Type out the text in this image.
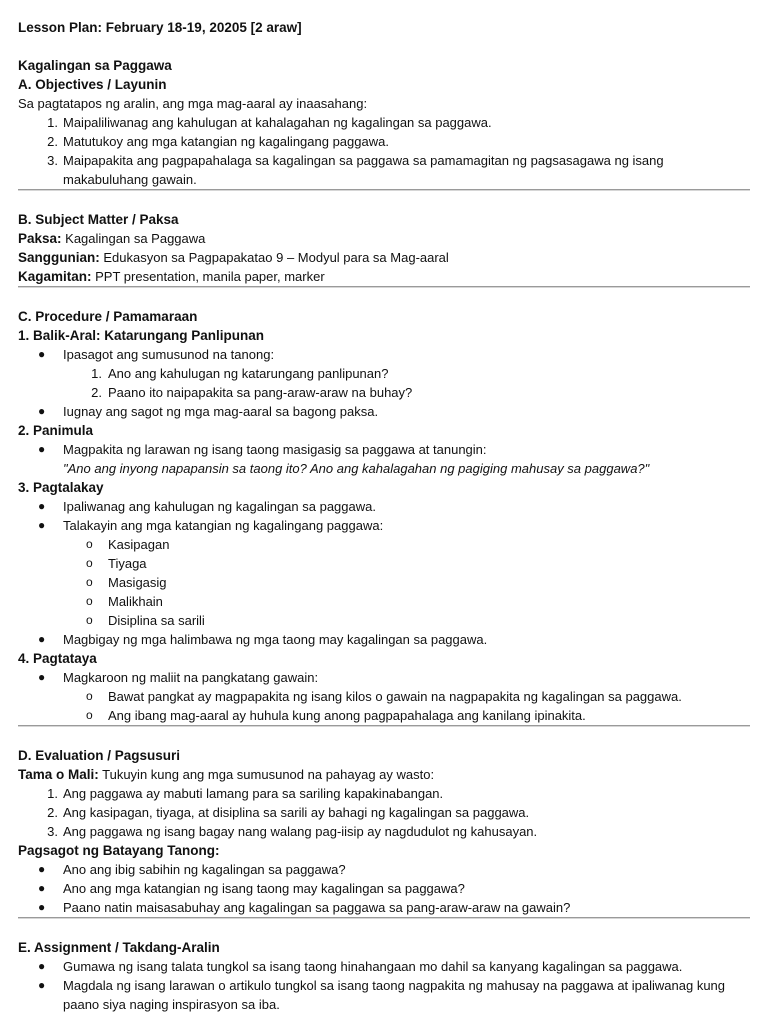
Lesson Plan: February 18-19, 20205 [2 araw]
Kagalingan sa Paggawa
A. Objectives / Layunin
Sa pagtatapos ng aralin, ang mga mag-aaral ay inaasahang:
1. Maipaliliwanag ang kahulugan at kahalagahan ng kagalingan sa paggawa.
2. Matutukoy ang mga katangian ng kagalingang paggawa.
3. Maipapakita ang pagpapahalaga sa kagalingan sa paggawa sa pamamagitan ng pagsasagawa ng isang makabuluhang gawain.
B. Subject Matter / Paksa
Paksa: Kagalingan sa Paggawa
Sanggunian: Edukasyon sa Pagpapakatao 9 – Modyul para sa Mag-aaral
Kagamitan: PPT presentation, manila paper, marker
C. Procedure / Pamamaraan
1. Balik-Aral: Katarungang Panlipunan
● Ipasagot ang sumusunod na tanong:
1. Ano ang kahulugan ng katarungang panlipunan?
2. Paano ito naipapakita sa pang-araw-araw na buhay?
● Iugnay ang sagot ng mga mag-aaral sa bagong paksa.
2. Panimula
● Magpakita ng larawan ng isang taong masigasig sa paggawa at tanungin:
"Ano ang inyong napapansin sa taong ito? Ano ang kahalagahan ng pagiging mahusay sa paggawa?"
3. Pagtalakay
● Ipaliwanag ang kahulugan ng kagalingan sa paggawa.
● Talakayin ang mga katangian ng kagalingang paggawa:
o Kasipagan
o Tiyaga
o Masigasig
o Malikhain
o Disiplina sa sarili
● Magbigay ng mga halimbawa ng mga taong may kagalingan sa paggawa.
4. Pagtataya
● Magkaroon ng maliit na pangkatang gawain:
o Bawat pangkat ay magpapakita ng isang kilos o gawain na nagpapakita ng kagalingan sa paggawa.
o Ang ibang mag-aaral ay huhula kung anong pagpapahalaga ang kanilang ipinakita.
D. Evaluation / Pagsusuri
Tama o Mali: Tukuyin kung ang mga sumusunod na pahayag ay wasto:
1. Ang paggawa ay mabuti lamang para sa sariling kapakinabangan.
2. Ang kasipagan, tiyaga, at disiplina sa sarili ay bahagi ng kagalingan sa paggawa.
3. Ang paggawa ng isang bagay nang walang pag-iisip ay nagdudulot ng kahusayan.
Pagsagot ng Batayang Tanong:
● Ano ang ibig sabihin ng kagalingan sa paggawa?
● Ano ang mga katangian ng isang taong may kagalingan sa paggawa?
● Paano natin maisasabuhay ang kagalingan sa paggawa sa pang-araw-araw na gawain?
E. Assignment / Takdang-Aralin
● Gumawa ng isang talata tungkol sa isang taong hinahangaan mo dahil sa kanyang kagalingan sa paggawa.
● Magdala ng isang larawan o artikulo tungkol sa isang taong nagpakita ng mahusay na paggawa at ipaliwanag kung paano siya naging inspirasyon sa iba.
